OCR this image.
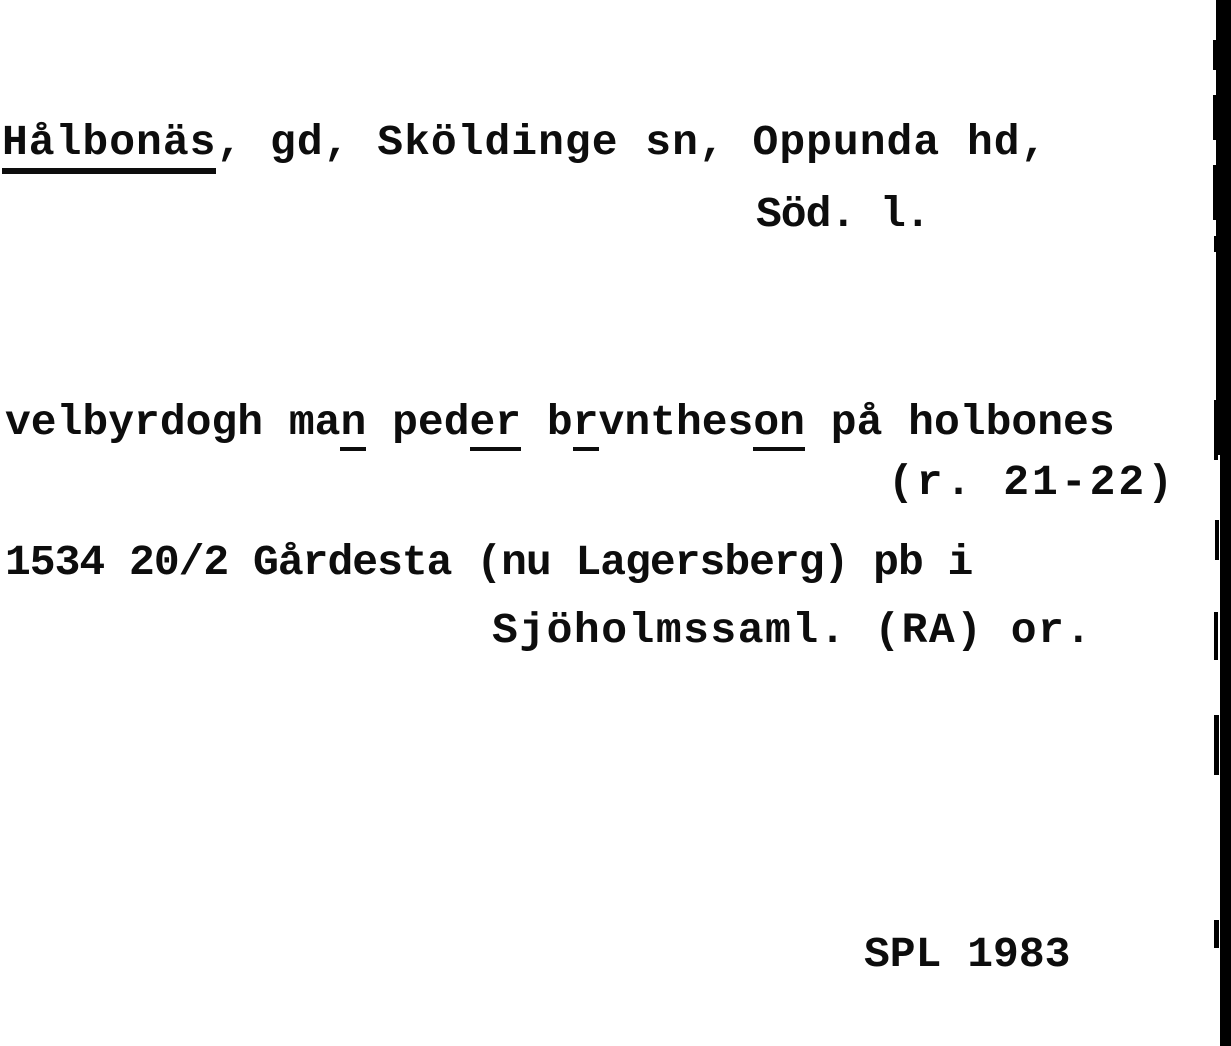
Hålbonäs, gd, Sköldinge sn, Oppunda hd,
Söd. l.
velbyrdogh man peder brvntheson på holbones
(r. 21-22)
1534 20/2 Gårdesta (nu Lagersberg) pb i
Sjöholmssaml. (RA) or.
SPL 1983
